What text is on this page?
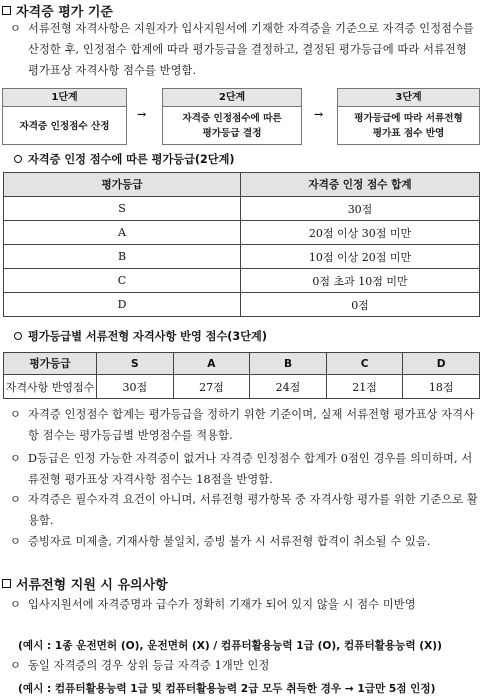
자격증 평가 기준
ㅇ 서류전형 자격사항은 지원자가 입사지원서에 기재한 자격증을 기준으로 자격증 인정점수를 산정한 후, 인정점수 합계에 따라 평가등급을 결정하고, 결정된 평가등급에 따라 서류전형 평가표상 자격사항 점수를 반영함.
1단계
자격증 인정점수 산정
→
2단계
자격증 인정점수에 따른
평가등급 결정
→
3단계
평가등급에 따라 서류전형
평가표 점수 반영
자격증 인정 점수에 따른 평가등급(2단계)
평가등급	자격증 인정 점수 합계
S	30점
A	20점 이상 30점 미만
B	10점 이상 20점 미만
C	0점 초과 10점 미만
D	0점
평가등급별 서류전형 자격사항 반영 점수(3단계)
평가등급	S	A	B	C	D
자격사항 반영점수	30점	27점	24점	21점	18점
ㅇ 자격증 인정점수 합계는 평가등급을 정하기 위한 기준이며, 실제 서류전형 평가표상 자격사항 점수는 평가등급별 반영점수를 적용함.
ㅇ D등급은 인정 가능한 자격증이 없거나 자격증 인정점수 합계가 0점인 경우를 의미하며, 서류전형 평가표상 자격사항 점수는 18점을 반영함.
ㅇ 자격증은 필수자격 요건이 아니며, 서류전형 평가항목 중 자격사항 평가를 위한 기준으로 활용함.
ㅇ 증빙자료 미제출, 기재사항 불일치, 증빙 불가 시 서류전형 합격이 취소될 수 있음.
서류전형 지원 시 유의사항
ㅇ 입사지원서에 자격증명과 급수가 정확히 기재가 되어 있지 않을 시 점수 미반영
(예시 : 1종 운전면허 (O), 운전면허 (X) / 컴퓨터활용능력 1급 (O), 컴퓨터활용능력 (X))
ㅇ 동일 자격증의 경우 상위 등급 자격증 1개만 인정
(예시 : 컴퓨터활용능력 1급 및 컴퓨터활용능력 2급 모두 취득한 경우 → 1급만 5점 인정)
